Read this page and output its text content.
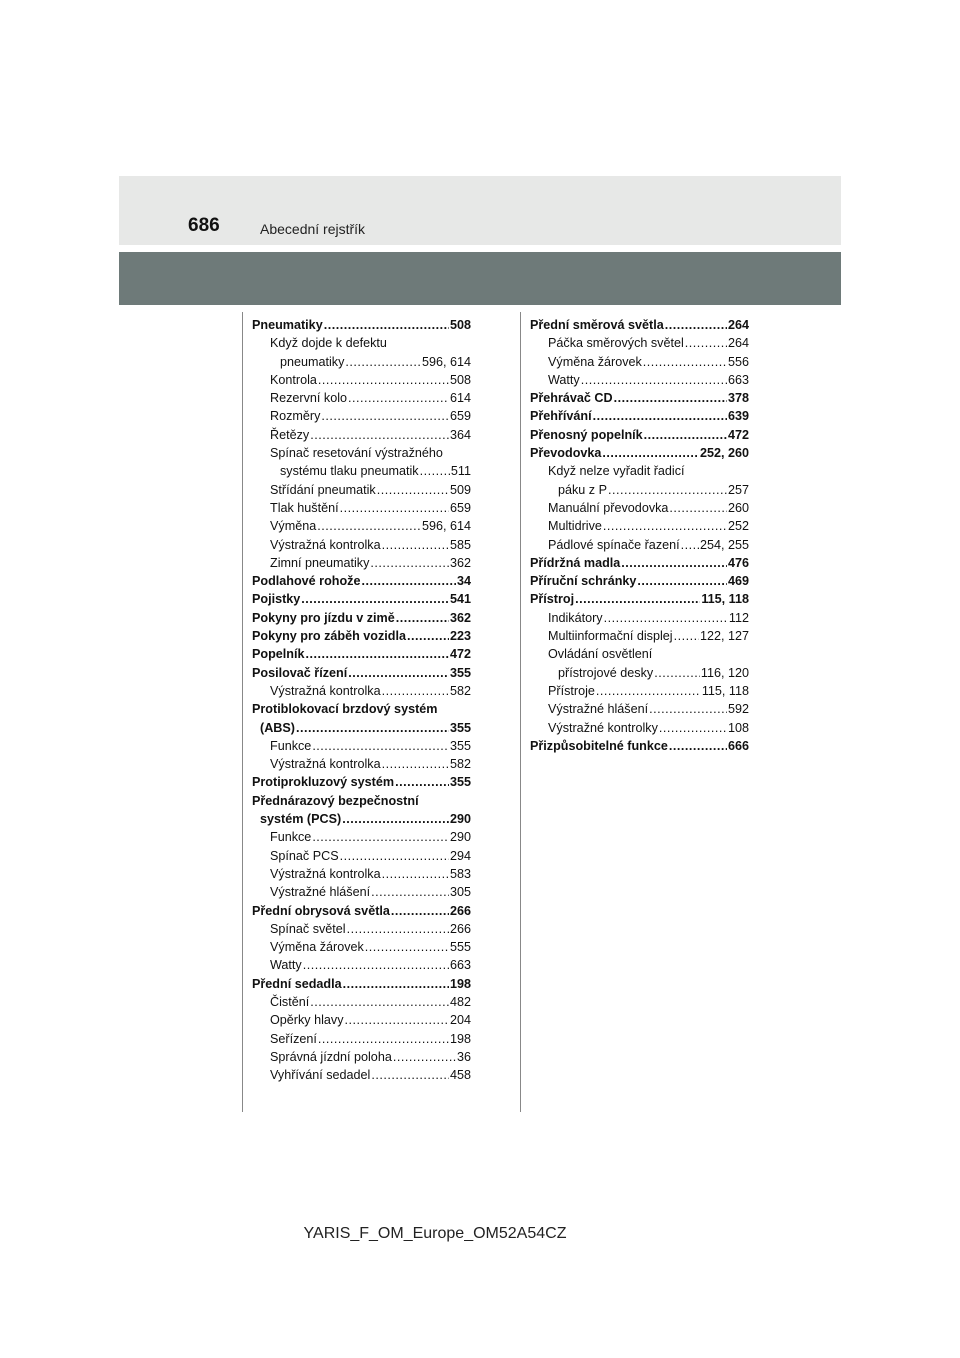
686	Abecední rejstřík
Pneumatiky .....	508
Když dojde k defektu
pneumatiky .....	596, 614
Kontrola .....	508
Rezervní kolo .....	614
Rozměry .....	659
Řetězy .....	364
Spínač resetování výstražného
systému tlaku pneumatik .....	511
Střídání pneumatik .....	509
Tlak huštění .....	659
Výměna .....	596, 614
Výstražná kontrolka .....	585
Zimní pneumatiky .....	362
Podlahové rohože .....	34
Pojistky .....	541
Pokyny pro jízdu v zimě .....	362
Pokyny pro záběh vozidla .....	223
Popelník .....	472
Posilovač řízení .....	355
Výstražná kontrolka .....	582
Protiblokovací brzdový systém
(ABS) .....	355
Funkce .....	355
Výstražná kontrolka .....	582
Protiprokluzový systém .....	355
Přednárazový bezpečnostní
systém (PCS) .....	290
Funkce .....	290
Spínač PCS .....	294
Výstražná kontrolka .....	583
Výstražné hlášení .....	305
Přední obrysová světla .....	266
Spínač světel .....	266
Výměna žárovek .....	555
Watty .....	663
Přední sedadla .....	198
Čistění .....	482
Opěrky hlavy .....	204
Seřízení .....	198
Správná jízdní poloha .....	36
Vyhřívání sedadel .....	458
Přední směrová světla .....	264
Páčka směrových světel .....	264
Výměna žárovek .....	556
Watty .....	663
Přehrávač CD .....	378
Přehřívání .....	639
Přenosný popelník .....	472
Převodovka .....	252, 260
Když nelze vyřadit řadicí
páku z P .....	257
Manuální převodovka .....	260
Multidrive .....	252
Pádlové spínače řazení ..... 254, 255
Přídržná madla .....	476
Příruční schránky .....	469
Přístroj .....	115, 118
Indikátory .....	112
Multiinformační displej ..... 122, 127
Ovládání osvětlení
přístrojové desky .....	116, 120
Přístroje .....	115, 118
Výstražné hlášení .....	592
Výstražné kontrolky .....	108
Přizpůsobitelné funkce .....	666
YARIS_F_OM_Europe_OM52A54CZ
